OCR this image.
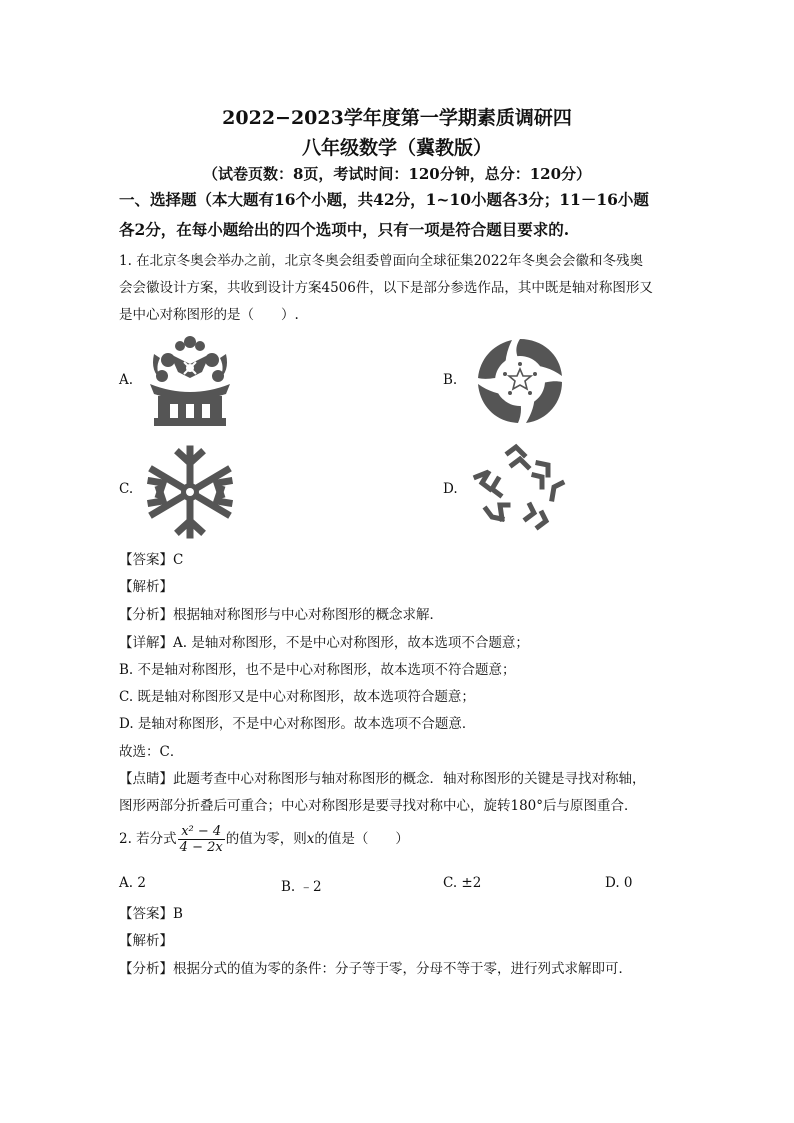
2022−2023学年度第一学期素质调研四
八年级数学（冀教版）
（试卷页数：8页，考试时间：120分钟，总分：120分）
一、选择题（本大题有16个小题，共42分，1~10小题各3分；11－16小题
各2分，在每小题给出的四个选项中，只有一项是符合题目要求的.
1. 在北京冬奥会举办之前，北京冬奥会组委曾面向全球征集2022年冬奥会会徽和冬残奥
会会徽设计方案，共收到设计方案4506件，以下是部分参选作品，其中既是轴对称图形又
是中心对称图形的是（　　）.
A.	B.
C.	D.
【答案】C
【解析】
【分析】根据轴对称图形与中心对称图形的概念求解．
【详解】A. 是轴对称图形，不是中心对称图形，故本选项不合题意；
B. 不是轴对称图形，也不是中心对称图形，故本选项不符合题意；
C. 既是轴对称图形又是中心对称图形，故本选项符合题意；
D. 是轴对称图形，不是中心对称图形。故本选项不合题意．
故选：C．
【点睛】此题考查中心对称图形与轴对称图形的概念．轴对称图形的关键是寻找对称轴，
图形两部分折叠后可重合；中心对称图形是要寻找对称中心，旋转180°后与原图重合．
2. 若分式 $\frac{\text{x² − 4}}{4 - 2x}$ 的值为零，则x的值是（　　）
A. 2	B. ﹣2	C. ±2	D. 0
【答案】B
【解析】
【分析】根据分式的值为零的条件：分子等于零，分母不等于零，进行列式求解即可．
